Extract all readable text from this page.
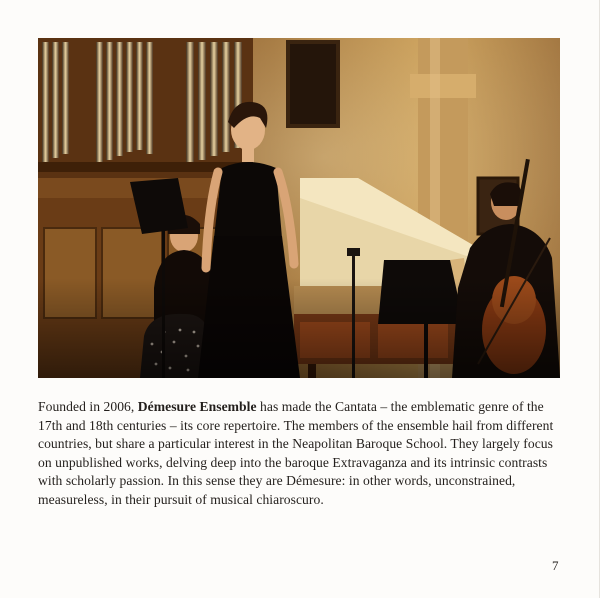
Founded in 2006, Démesure Ensemble has made the Cantata – the emblematic genre of the 17th and 18th centuries – its core repertoire. The members of the ensemble hail from different countries, but share a particular interest in the Neapolitan Baroque School. They largely focus on unpublished works, delving deep into the baroque Extravaganza and its intrinsic contrasts with scholarly passion. In this sense they are Démesure: in other words, unconstrained, measureless, in their pursuit of musical chiaroscuro.

7
